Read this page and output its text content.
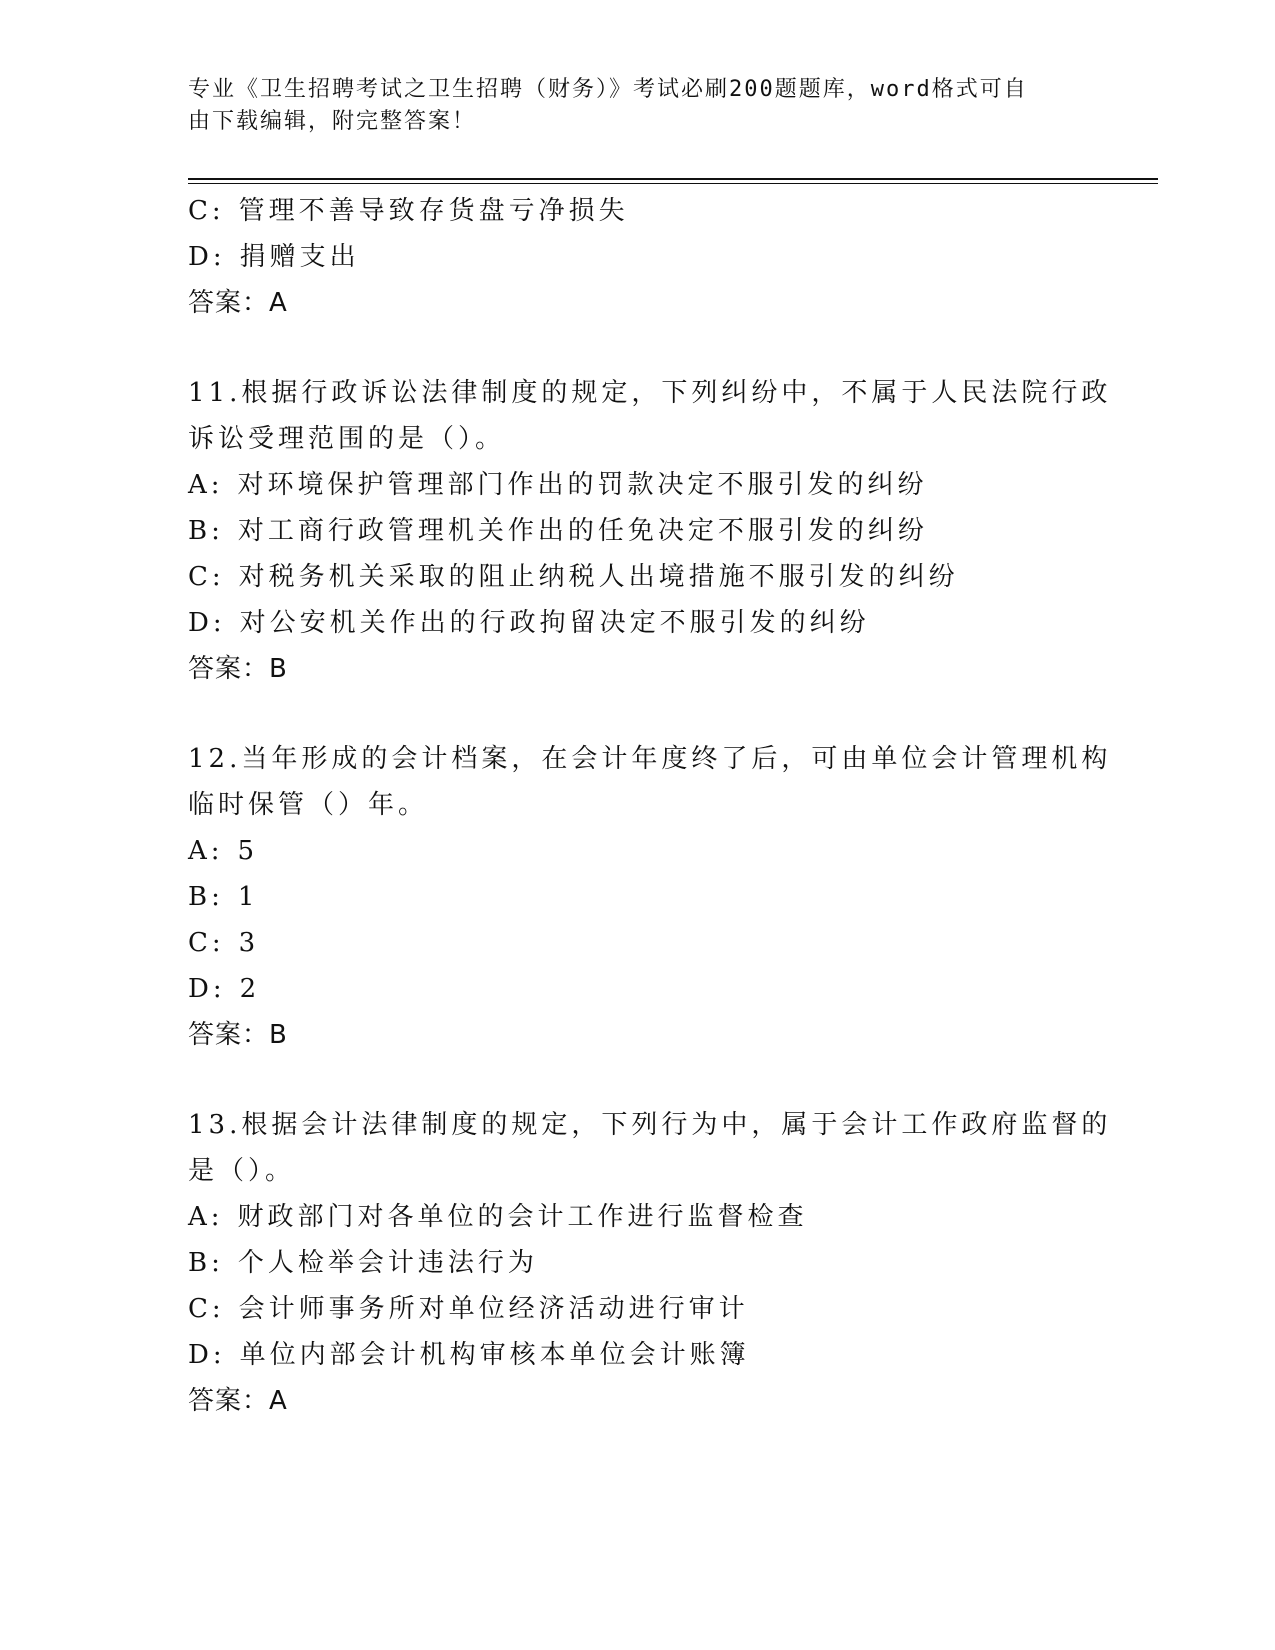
专业《卫生招聘考试之卫生招聘（财务）》考试必刷200题题库，word格式可自
由下载编辑，附完整答案！
C: 管理不善导致存货盘亏净损失
D: 捐赠支出
答案：A
11.根据行政诉讼法律制度的规定，下列纠纷中，不属于人民法院行政
诉讼受理范围的是（）。
A: 对环境保护管理部门作出的罚款决定不服引发的纠纷
B: 对工商行政管理机关作出的任免决定不服引发的纠纷
C: 对税务机关采取的阻止纳税人出境措施不服引发的纠纷
D: 对公安机关作出的行政拘留决定不服引发的纠纷
答案：B
12.当年形成的会计档案，在会计年度终了后，可由单位会计管理机构
临时保管（）年。
A: 5
B: 1
C: 3
D: 2
答案：B
13.根据会计法律制度的规定，下列行为中，属于会计工作政府监督的
是（）。
A: 财政部门对各单位的会计工作进行监督检查
B: 个人检举会计违法行为
C: 会计师事务所对单位经济活动进行审计
D: 单位内部会计机构审核本单位会计账簿
答案：A
